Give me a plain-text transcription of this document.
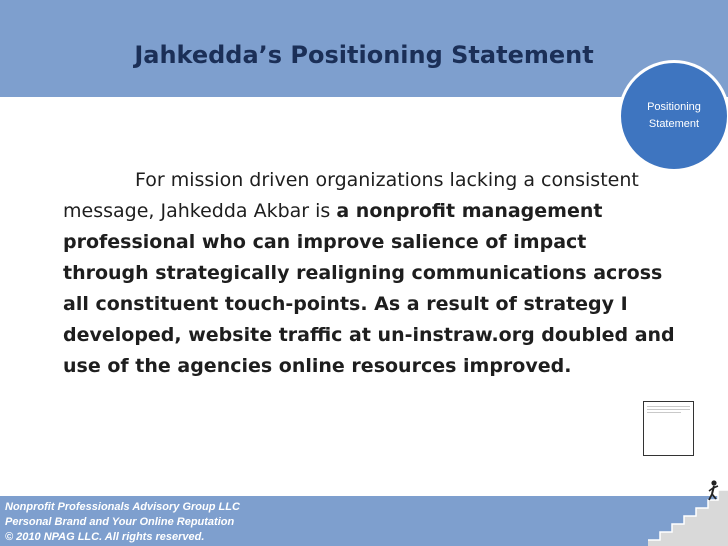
Jahkedda’s Positioning Statement
Positioning
Statement

For mission driven organizations lacking a consistent message, Jahkedda Akbar is a nonprofit management professional who can improve salience of impact through strategically realigning communications across all constituent touch-points. As a result of strategy I developed, website traffic at un-instraw.org doubled and use of the agencies online resources improved.

Nonprofit Professionals Advisory Group LLC
Personal Brand and Your Online Reputation
© 2010 NPAG LLC. All rights reserved.
